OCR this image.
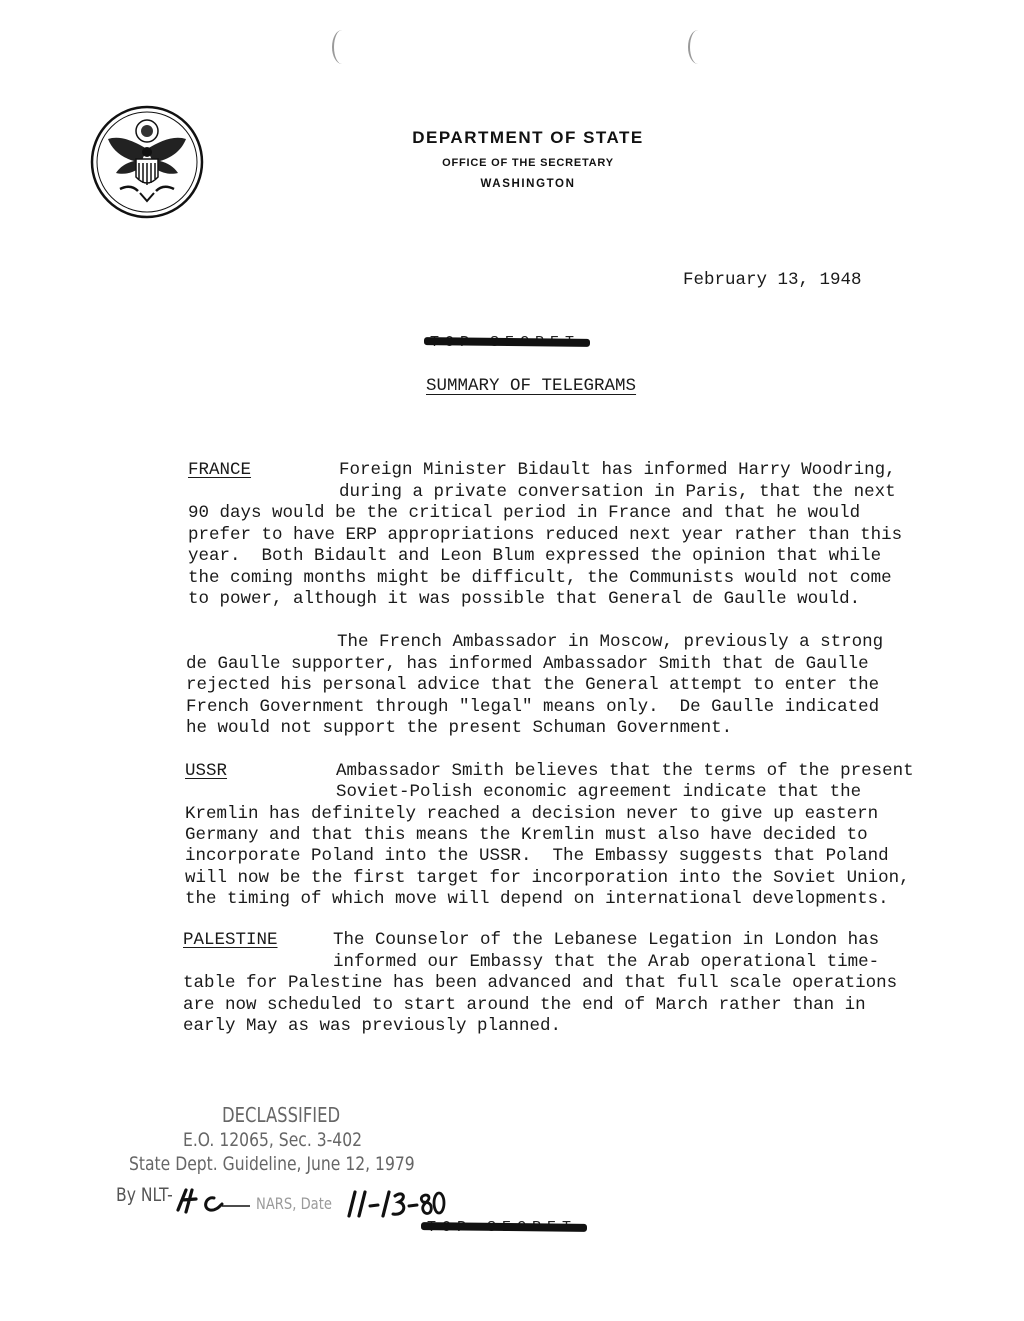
DEPARTMENT OF STATE
OFFICE OF THE SECRETARY
WASHINGTON
February 13, 1948
SUMMARY OF TELEGRAMS
FRANCE	Foreign Minister Bidault has informed Harry Woodring,
during a private conversation in Paris, that the next
90 days would be the critical period in France and that he would
prefer to have ERP appropriations reduced next year rather than this
year.  Both Bidault and Leon Blum expressed the opinion that while
the coming months might be difficult, the Communists would not come
to power, although it was possible that General de Gaulle would.
The French Ambassador in Moscow, previously a strong
de Gaulle supporter, has informed Ambassador Smith that de Gaulle
rejected his personal advice that the General attempt to enter the
French Government through "legal" means only.  De Gaulle indicated
he would not support the present Schuman Government.
USSR	Ambassador Smith believes that the terms of the present
Soviet-Polish economic agreement indicate that the
Kremlin has definitely reached a decision never to give up eastern
Germany and that this means the Kremlin must also have decided to
incorporate Poland into the USSR.  The Embassy suggests that Poland
will now be the first target for incorporation into the Soviet Union,
the timing of which move will depend on international developments.
PALESTINE	The Counselor of the Lebanese Legation in London has
informed our Embassy that the Arab operational time-
table for Palestine has been advanced and that full scale operations
are now scheduled to start around the end of March rather than in
early May as was previously planned.
DECLASSIFIED
E.O. 12065, Sec. 3-402
State Dept. Guideline, June 12, 1979
By NLT-	NARS, Date
